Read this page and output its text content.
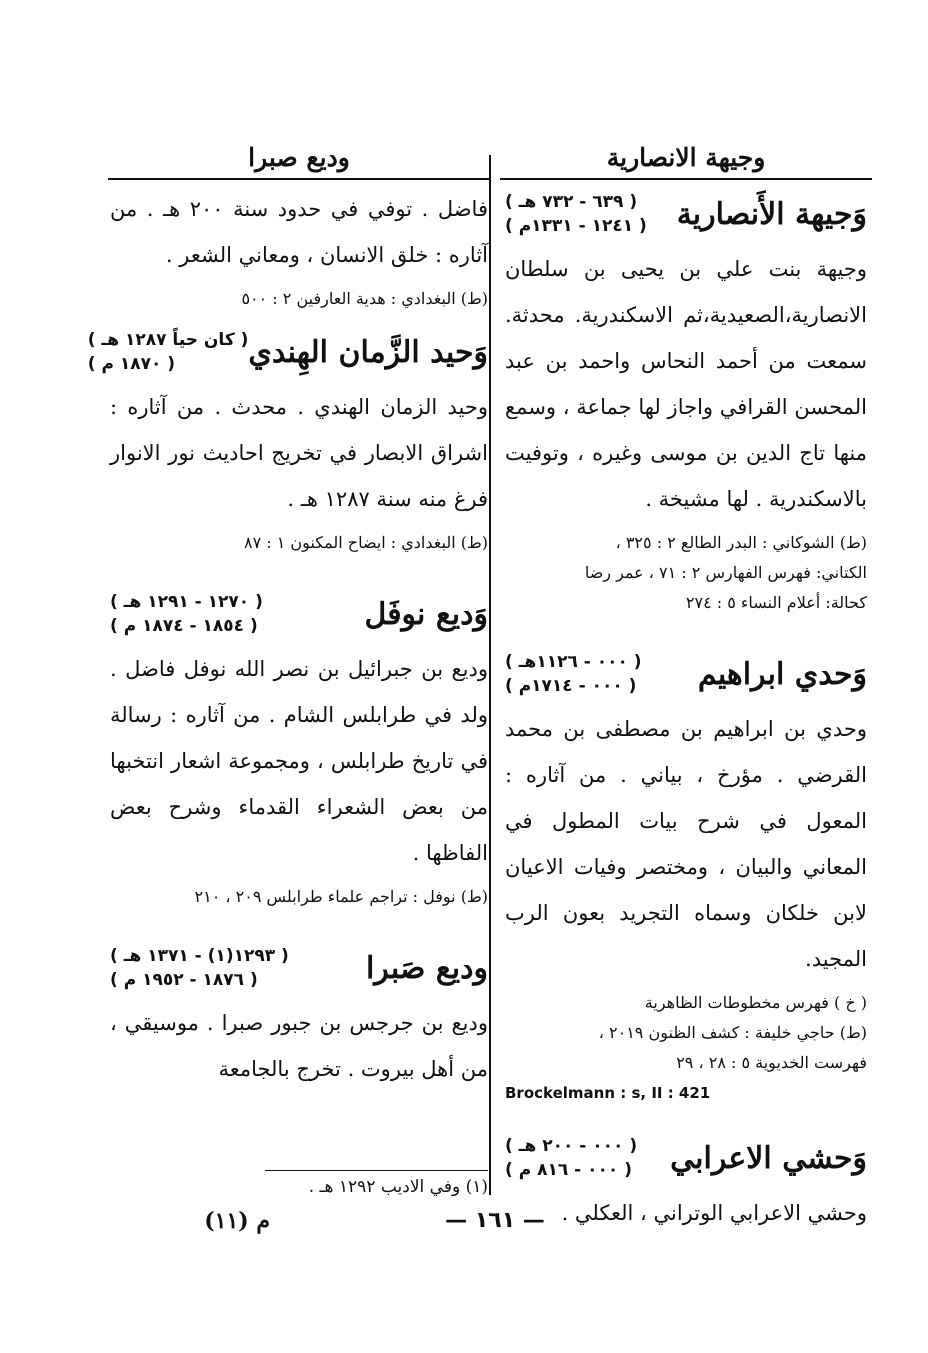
وجيهة الانصارية
وَجيهة الأَنصارية
( ٦٣٩ - ٧٣٢ هـ )
( ١٢٤١ - ١٣٣١م )

وجيهة بنت علي بن يحيى بن سلطان الانصارية،الصعيدية،ثم الاسكندرية. محدثة. سمعت من أحمد النحاس واحمد بن عبد المحسن القرافي واجاز لها جماعة ، وسمع منها تاج الدين بن موسى وغيره ، وتوفيت بالاسكندرية . لها مشيخة .

(ط) الشوكاني : البدر الطالع ٢ : ٣٢٥ ،
الكتاني: فهرس الفهارس ٢ : ٧١ ، عمر رضا
كحالة: أعلام النساء ٥ : ٢٧٤
وَحدي ابراهيم
( ٠٠٠ - ١١٢٦هـ )
( ٠٠٠ - ١٧١٤م )

وحدي بن ابراهيم بن مصطفى بن محمد القرضي . مؤرخ ، بياني . من آثاره : المعول في شرح بيات المطول في المعاني والبيان ، ومختصر وفيات الاعيان لابن خلكان وسماه التجريد بعون الرب المجيد.

( خ ) فهرس مخطوطات الظاهرية
(ط) حاجي خليفة : كشف الظنون ٢٠١٩ ،
فهرست الخديوية ٥ : ٢٨ ، ٢٩
Brockelmann : s, II : 421
وَحشي الاعرابي
( ٠٠٠ - ٢٠٠ هـ )
( ٠٠٠ - ٨١٦ م )

وحشي الاعرابي الوتراني ، العكلي .

وديع صبرا

فاضل . توفي في حدود سنة ٢٠٠ هـ . من آثاره : خلق الانسان ، ومعاني الشعر .

(ط) البغدادي : هدية العارفين ٢ : ٥٠٠
وَحيد الزَّمان الهِندي
( كان حياً ١٢٨٧ هـ )
( ١٨٧٠ م )

وحيد الزمان الهندي . محدث . من آثاره : اشراق الابصار في تخريج احاديث نور الانوار فرغ منه سنة ١٢٨٧ هـ .

(ط) البغدادي : ايضاح المكنون ١ : ٨٧
وَديع نوفَل
( ١٢٧٠ - ١٢٩١ هـ )
( ١٨٥٤ - ١٨٧٤ م )

وديع بن جبرائيل بن نصر الله نوفل فاضل . ولد في طرابلس الشام . من آثاره : رسالة في تاريخ طرابلس ، ومجموعة اشعار انتخبها من بعض الشعراء القدماء وشرح بعض الفاظها .

(ط) نوفل : تراجم علماء طرابلس ٢٠٩ ، ٢١٠
وديع صَبرا
( ١٢٩٣(١) - ١٣٧١ هـ )
( ١٨٧٦ - ١٩٥٢ م )

وديع بن جرجس بن جبور صبرا . موسيقي ، من أهل بيروت . تخرج بالجامعة

(١) وفي الاديب ١٢٩٢ هـ .
— ١٦١ —
م (١١)
